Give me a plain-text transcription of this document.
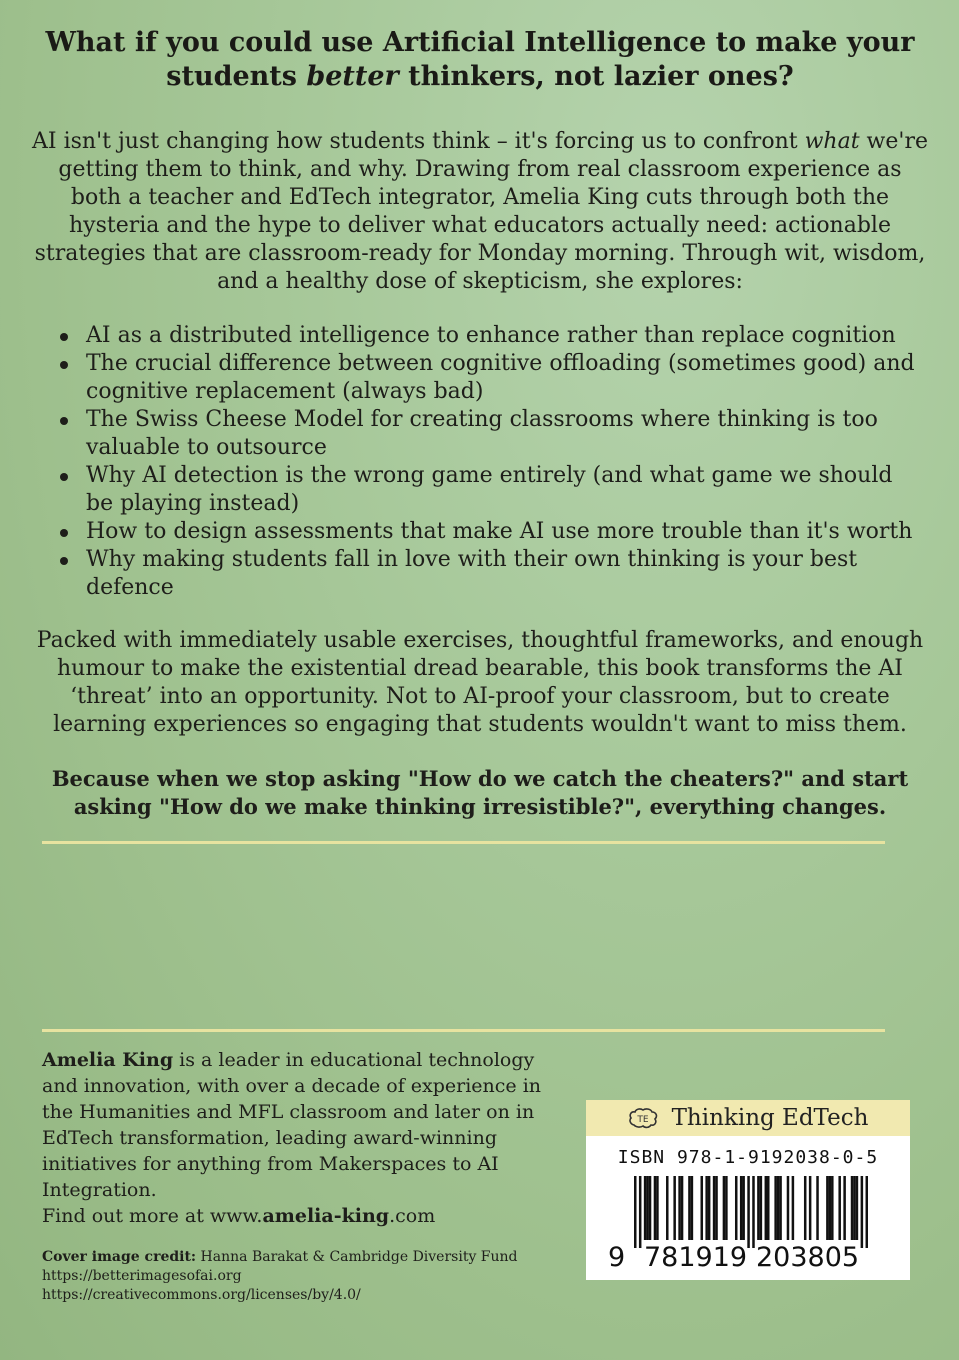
What if you could use Artificial Intelligence to make your
students better thinkers, not lazier ones?
AI isn't just changing how students think – it's forcing us to confront what we're getting them to think, and why. Drawing from real classroom experience as both a teacher and EdTech integrator, Amelia King cuts through both the hysteria and the hype to deliver what educators actually need: actionable strategies that are classroom-ready for Monday morning. Through wit, wisdom, and a healthy dose of skepticism, she explores:
AI as a distributed intelligence to enhance rather than replace cognition
The crucial difference between cognitive offloading (sometimes good) and cognitive replacement (always bad)
The Swiss Cheese Model for creating classrooms where thinking is too valuable to outsource
Why AI detection is the wrong game entirely (and what game we should be playing instead)
How to design assessments that make AI use more trouble than it's worth
Why making students fall in love with their own thinking is your best defence
Packed with immediately usable exercises, thoughtful frameworks, and enough humour to make the existential dread bearable, this book transforms the AI ‘threat’ into an opportunity. Not to AI-proof your classroom, but to create learning experiences so engaging that students wouldn't want to miss them.
Because when we stop asking "How do we catch the cheaters?" and start asking "How do we make thinking irresistible?", everything changes.
Amelia King is a leader in educational technology and innovation, with over a decade of experience in the Humanities and MFL classroom and later on in EdTech transformation, leading award-winning initiatives for anything from Makerspaces to AI Integration.
Find out more at www.amelia-king.com
Cover image credit: Hanna Barakat & Cambridge Diversity Fund
https://betterimagesofai.org
https://creativecommons.org/licenses/by/4.0/
TE Thinking EdTech
ISBN 978-1-9192038-0-5
9 781919 203805
